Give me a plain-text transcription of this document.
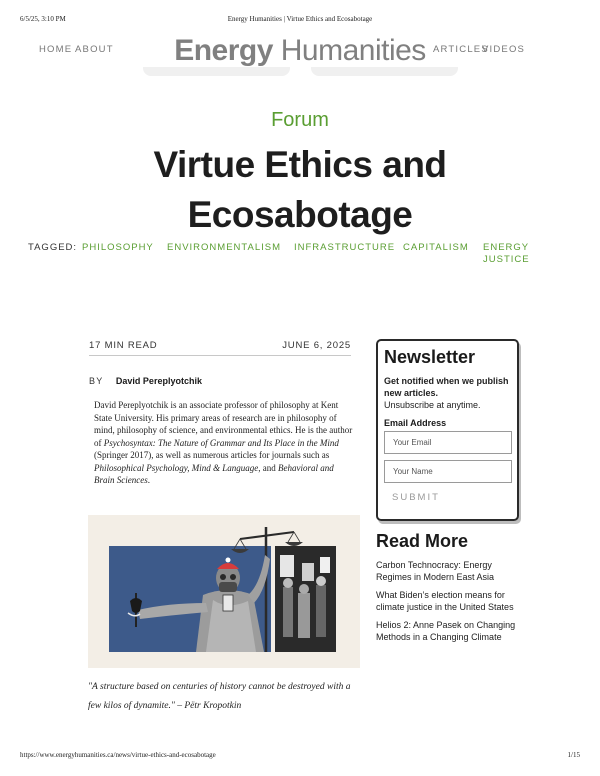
6/5/25, 3:10 PM	Energy Humanities | Virtue Ethics and Ecosabotage
HOME ABOUT	Energy Humanities ARTICLES
VIDEOS
Forum
Virtue Ethics and Ecosabotage
TAGGED: PHILOSOPHY ENVIRONMENTALISM INFRASTRUCTURE CAPITALISM ENERGY JUSTICE
17 MIN READ	JUNE 6, 2025
BY David Pereplyotchik

David Pereplyotchik is an associate professor of philosophy at Kent State University. His primary areas of research are in philosophy of mind, philosophy of science, and environmental ethics. He is the author of Psychosyntax: The Nature of Grammar and Its Place in the Mind (Springer 2017), as well as numerous articles for journals such as Philosophical Psychology, Mind & Language, and Behavioral and Brain Sciences.

"A structure based on centuries of history cannot be destroyed with a few kilos of dynamite." – Pëtr Kropotkin

Newsletter

Get notified when we publish new articles.
Unsubscribe at anytime.

Email Address
Your Email
Your Name
SUBMIT
Read More
Carbon Technocracy: Energy Regimes in Modern East Asia
What Biden’s election means for climate justice in the United States
Helios 2: Anne Pasek on Changing Methods in a Changing Climate
https://www.energyhumanities.ca/news/virtue-ethics-and-ecosabotage	1/15
